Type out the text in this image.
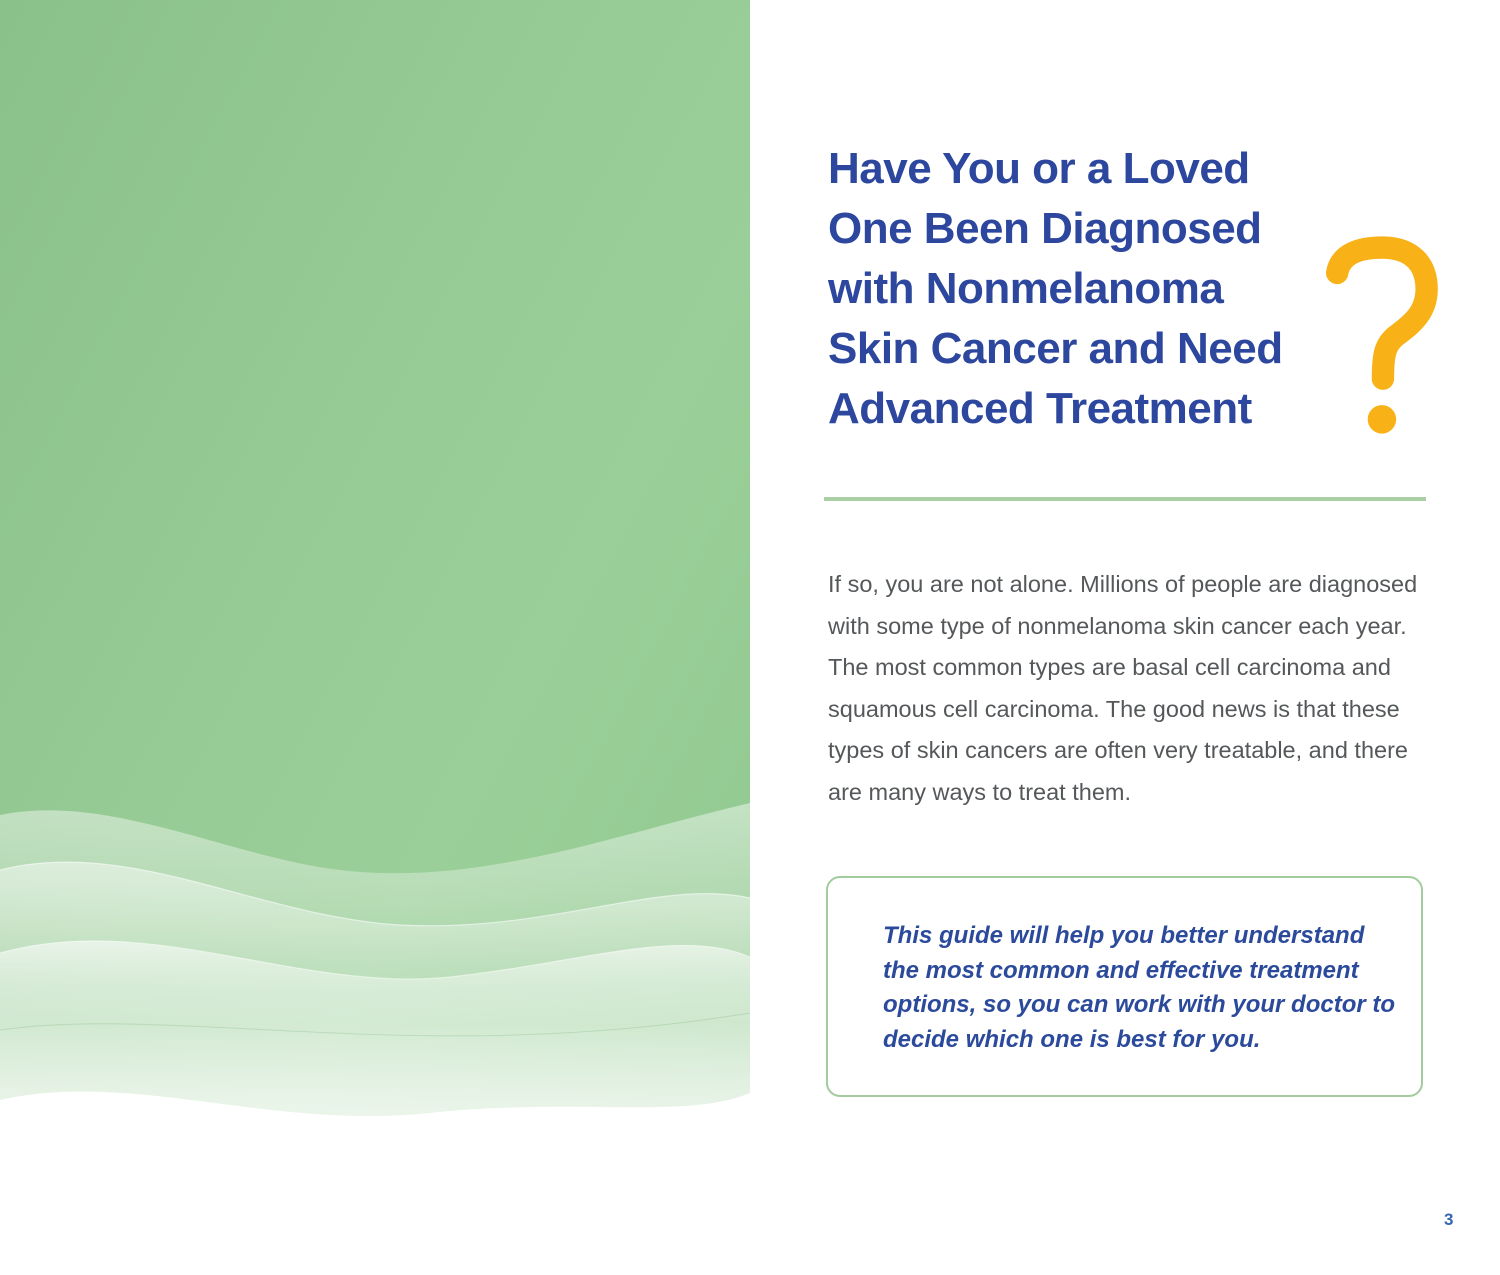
Have You or a Loved
One Been Diagnosed
with Nonmelanoma
Skin Cancer and Need
Advanced Treatment

If so, you are not alone. Millions of people are diagnosed
with some type of nonmelanoma skin cancer each year.
The most common types are basal cell carcinoma and
squamous cell carcinoma. The good news is that these
types of skin cancers are often very treatable, and there
are many ways to treat them.

This guide will help you better understand
the most common and effective treatment
options, so you can work with your doctor to
decide which one is best for you.

3
